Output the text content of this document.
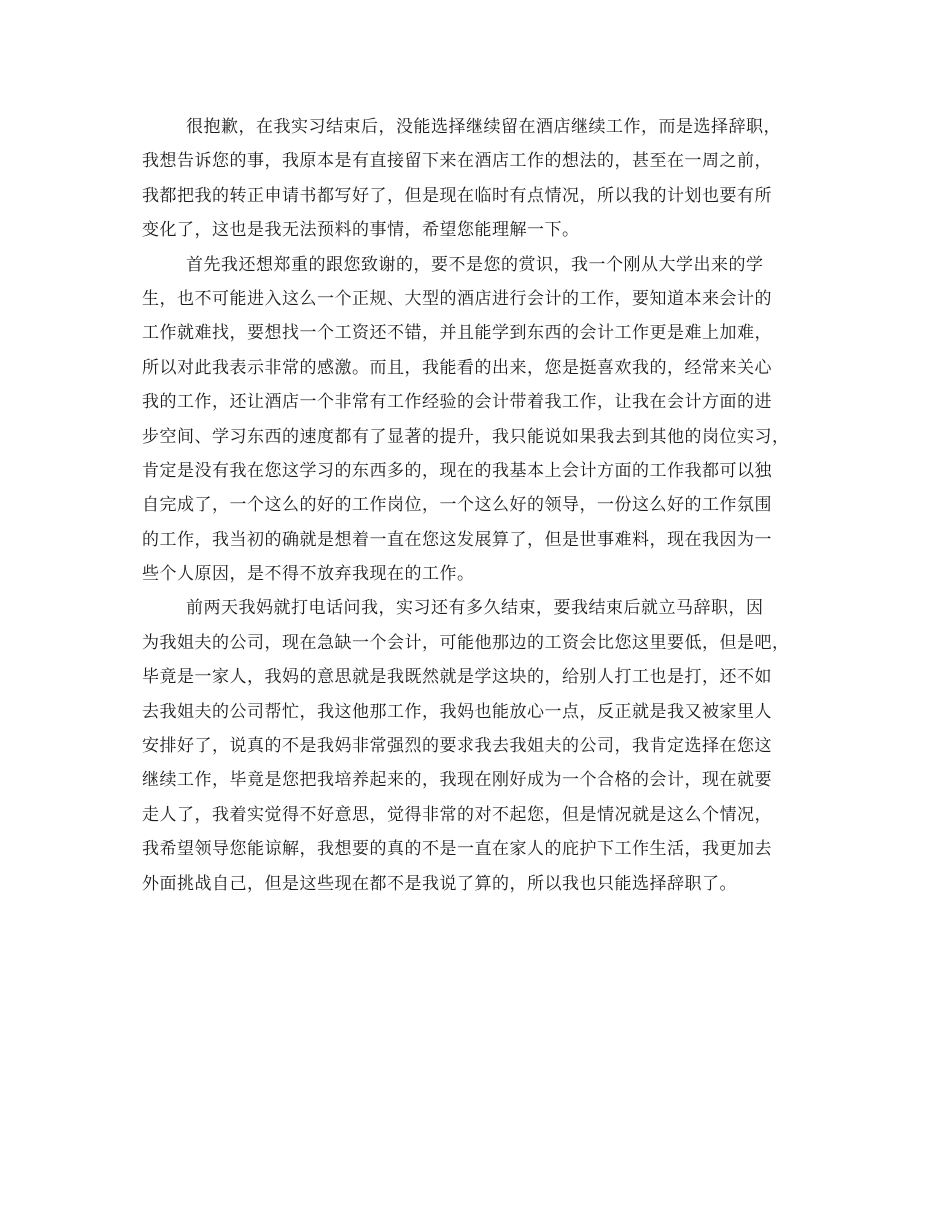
很抱歉，在我实习结束后，没能选择继续留在酒店继续工作，而是选择辞职，
我想告诉您的事，我原本是有直接留下来在酒店工作的想法的，甚至在一周之前，
我都把我的转正申请书都写好了，但是现在临时有点情况，所以我的计划也要有所
变化了，这也是我无法预料的事情，希望您能理解一下。
首先我还想郑重的跟您致谢的，要不是您的赏识，我一个刚从大学出来的学
生，也不可能进入这么一个正规、大型的酒店进行会计的工作，要知道本来会计的
工作就难找，要想找一个工资还不错，并且能学到东西的会计工作更是难上加难，
所以对此我表示非常的感激。而且，我能看的出来，您是挺喜欢我的，经常来关心
我的工作，还让酒店一个非常有工作经验的会计带着我工作，让我在会计方面的进
步空间、学习东西的速度都有了显著的提升，我只能说如果我去到其他的岗位实习，
肯定是没有我在您这学习的东西多的，现在的我基本上会计方面的工作我都可以独
自完成了，一个这么的好的工作岗位，一个这么好的领导，一份这么好的工作氛围
的工作，我当初的确就是想着一直在您这发展算了，但是世事难料，现在我因为一
些个人原因，是不得不放弃我现在的工作。
前两天我妈就打电话问我，实习还有多久结束，要我结束后就立马辞职，因
为我姐夫的公司，现在急缺一个会计，可能他那边的工资会比您这里要低，但是吧，
毕竟是一家人，我妈的意思就是我既然就是学这块的，给别人打工也是打，还不如
去我姐夫的公司帮忙，我这他那工作，我妈也能放心一点，反正就是我又被家里人
安排好了，说真的不是我妈非常强烈的要求我去我姐夫的公司，我肯定选择在您这
继续工作，毕竟是您把我培养起来的，我现在刚好成为一个合格的会计，现在就要
走人了，我着实觉得不好意思，觉得非常的对不起您，但是情况就是这么个情况，
我希望领导您能谅解，我想要的真的不是一直在家人的庇护下工作生活，我更加去
外面挑战自己，但是这些现在都不是我说了算的，所以我也只能选择辞职了。
